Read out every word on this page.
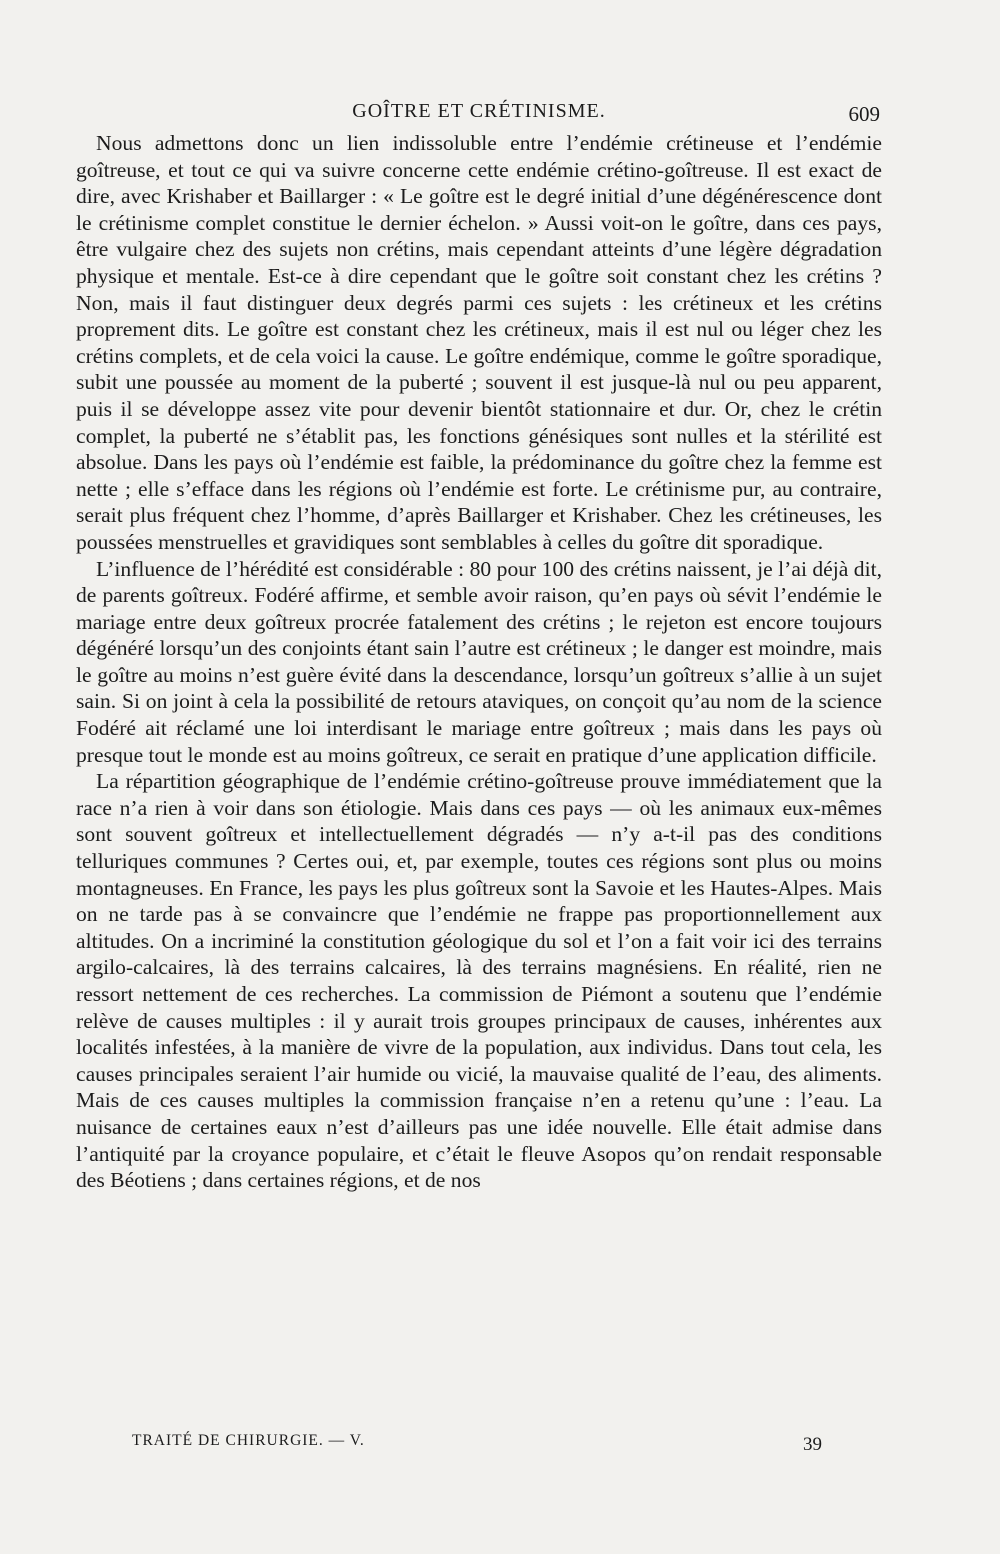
GOÎTRE ET CRÉTINISME.	609

Nous admettons donc un lien indissoluble entre l’endémie crétineuse et l’endémie goîtreuse, et tout ce qui va suivre concerne cette endémie crétino-goîtreuse. Il est exact de dire, avec Krishaber et Baillarger : « Le goître est le degré initial d’une dégénérescence dont le crétinisme complet constitue le dernier échelon. » Aussi voit-on le goître, dans ces pays, être vulgaire chez des sujets non crétins, mais cependant atteints d’une légère dégradation physique et mentale. Est-ce à dire cependant que le goître soit constant chez les crétins ? Non, mais il faut distinguer deux degrés parmi ces sujets : les crétineux et les crétins proprement dits. Le goître est constant chez les crétineux, mais il est nul ou léger chez les crétins complets, et de cela voici la cause. Le goître endémique, comme le goître sporadique, subit une poussée au moment de la puberté ; souvent il est jusque-là nul ou peu apparent, puis il se développe assez vite pour devenir bientôt stationnaire et dur. Or, chez le crétin complet, la puberté ne s’établit pas, les fonctions génésiques sont nulles et la stérilité est absolue. Dans les pays où l’endémie est faible, la prédominance du goître chez la femme est nette ; elle s’efface dans les régions où l’endémie est forte. Le crétinisme pur, au contraire, serait plus fréquent chez l’homme, d’après Baillarger et Krishaber. Chez les crétineuses, les poussées menstruelles et gravidiques sont semblables à celles du goître dit sporadique.

L’influence de l’hérédité est considérable : 80 pour 100 des crétins naissent, je l’ai déjà dit, de parents goîtreux. Fodéré affirme, et semble avoir raison, qu’en pays où sévit l’endémie le mariage entre deux goîtreux procrée fatalement des crétins ; le rejeton est encore toujours dégénéré lorsqu’un des conjoints étant sain l’autre est crétineux ; le danger est moindre, mais le goître au moins n’est guère évité dans la descendance, lorsqu’un goîtreux s’allie à un sujet sain. Si on joint à cela la possibilité de retours ataviques, on conçoit qu’au nom de la science Fodéré ait réclamé une loi interdisant le mariage entre goîtreux ; mais dans les pays où presque tout le monde est au moins goîtreux, ce serait en pratique d’une application difficile.

La répartition géographique de l’endémie crétino-goîtreuse prouve immédiatement que la race n’a rien à voir dans son étiologie. Mais dans ces pays — où les animaux eux-mêmes sont souvent goîtreux et intellectuellement dégradés — n’y a-t-il pas des conditions telluriques communes ? Certes oui, et, par exemple, toutes ces régions sont plus ou moins montagneuses. En France, les pays les plus goîtreux sont la Savoie et les Hautes-Alpes. Mais on ne tarde pas à se convaincre que l’endémie ne frappe pas proportionnellement aux altitudes. On a incriminé la constitution géologique du sol et l’on a fait voir ici des terrains argilo-calcaires, là des terrains calcaires, là des terrains magnésiens. En réalité, rien ne ressort nettement de ces recherches. La commission de Piémont a soutenu que l’endémie relève de causes multiples : il y aurait trois groupes principaux de causes, inhérentes aux localités infestées, à la manière de vivre de la population, aux individus. Dans tout cela, les causes principales seraient l’air humide ou vicié, la mauvaise qualité de l’eau, des aliments. Mais de ces causes multiples la commission française n’en a retenu qu’une : l’eau. La nuisance de certaines eaux n’est d’ailleurs pas une idée nouvelle. Elle était admise dans l’antiquité par la croyance populaire, et c’était le fleuve Asopos qu’on rendait responsable des Béotiens ; dans certaines régions, et de nos

TRAITÉ DE CHIRURGIE. — V.	39
